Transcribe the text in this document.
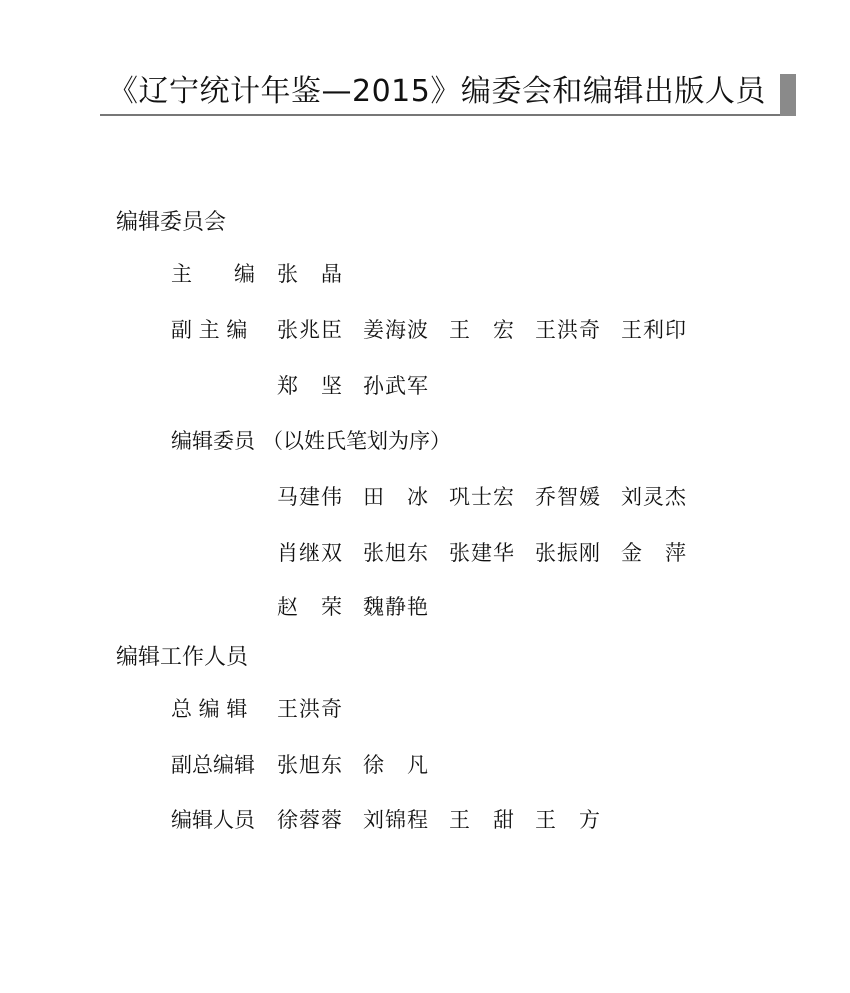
《辽宁统计年鉴—2015》编委会和编辑出版人员
编辑委员会
主　　编 张　晶
副 主 编 张兆臣 姜海波 王　宏 王洪奇 王利印
郑　坚 孙武军
编辑委员 （以姓氏笔划为序）
马建伟 田　冰 巩士宏 乔智媛 刘灵杰
肖继双 张旭东 张建华 张振刚 金　萍
赵　荣 魏静艳
编辑工作人员
总 编 辑 王洪奇
副总编辑 张旭东 徐　凡
编辑人员 徐蓉蓉 刘锦程 王　甜 王　方
